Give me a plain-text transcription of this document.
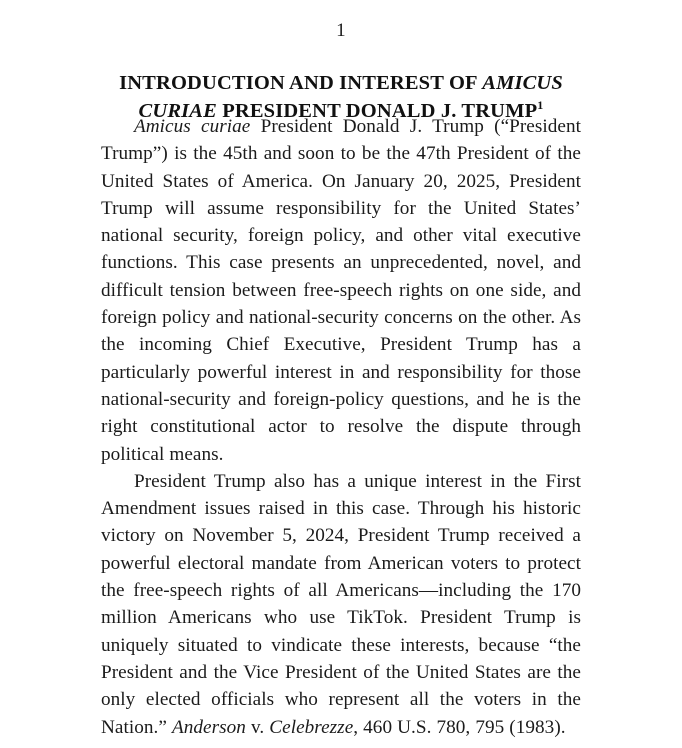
1
INTRODUCTION AND INTEREST OF AMICUS CURIAE PRESIDENT DONALD J. TRUMP$^1$

Amicus curiae President Donald J. Trump (“President Trump”) is the 45th and soon to be the 47th President of the United States of America. On January 20, 2025, President Trump will assume responsibility for the United States’ national security, foreign policy, and other vital executive functions. This case presents an unprecedented, novel, and difficult tension between free-speech rights on one side, and foreign policy and national-security concerns on the other. As the incoming Chief Executive, President Trump has a particularly powerful interest in and responsibility for those national-security and foreign-policy questions, and he is the right constitutional actor to resolve the dispute through political means.

President Trump also has a unique interest in the First Amendment issues raised in this case. Through his historic victory on November 5, 2024, President Trump received a powerful electoral mandate from American voters to protect the free-speech rights of all Americans—including the 170 million Americans who use TikTok. President Trump is uniquely situated to vindicate these interests, because “the President and the Vice President of the United States are the only elected officials who represent all the voters in the Nation.” Anderson v. Celebrezze, 460 U.S. 780, 795 (1983).
